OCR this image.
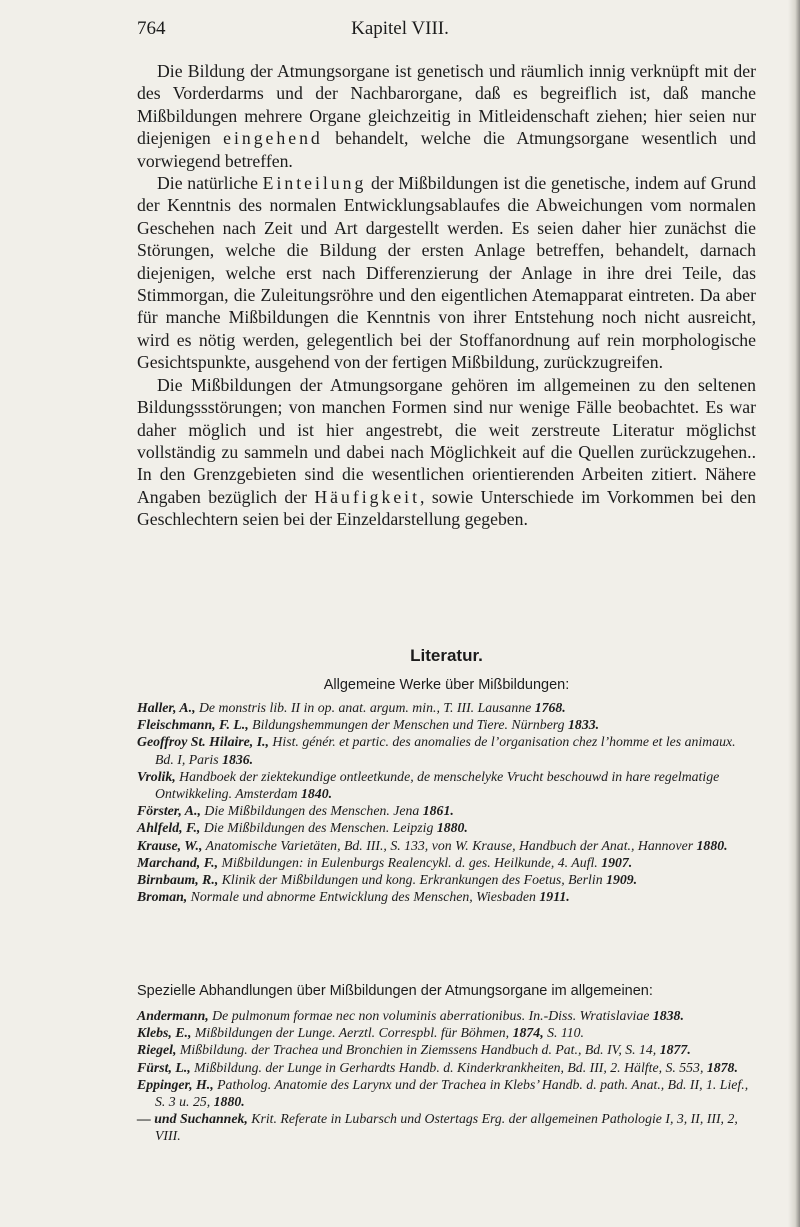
Kapitel VIII.
764

Die Bildung der Atmungsorgane ist genetisch und räumlich innig verknüpft mit der des Vorderdarms und der Nachbarorgane, daß es begreiflich ist, daß manche Mißbildungen mehrere Organe gleichzeitig in Mitleidenschaft ziehen; hier seien nur diejenigen eingehend behandelt, welche die Atmungsorgane wesentlich und vorwiegend betreffen.

Die natürliche Einteilung der Mißbildungen ist die genetische, indem auf Grund der Kenntnis des normalen Entwicklungsablaufes die Abweichungen vom normalen Geschehen nach Zeit und Art dargestellt werden. Es seien daher hier zunächst die Störungen, welche die Bildung der ersten Anlage betreffen, behandelt, darnach diejenigen, welche erst nach Differenzierung der Anlage in ihre drei Teile, das Stimmorgan, die Zuleitungsröhre und den eigentlichen Atemapparat eintreten. Da aber für manche Mißbildungen die Kenntnis von ihrer Entstehung noch nicht ausreicht, wird es nötig werden, gelegentlich bei der Stoffanordnung auf rein morphologische Gesichtspunkte, ausgehend von der fertigen Mißbildung, zurückzugreifen.

Die Mißbildungen der Atmungsorgane gehören im allgemeinen zu den seltenen Bildungssstörungen; von manchen Formen sind nur wenige Fälle beobachtet. Es war daher möglich und ist hier angestrebt, die weit zerstreute Literatur möglichst vollständig zu sammeln und dabei nach Möglichkeit auf die Quellen zurückzugehen.. In den Grenzgebieten sind die wesentlichen orientierenden Arbeiten zitiert. Nähere Angaben bezüglich der Häufigkeit, sowie Unterschiede im Vorkommen bei den Geschlechtern seien bei der Einzeldarstellung gegeben.

Literatur.
Allgemeine Werke über Mißbildungen:
Haller, A., De monstris lib. II in op. anat. argum. min., T. III. Lausanne 1768.
Fleischmann, F. L., Bildungshemmungen der Menschen und Tiere. Nürnberg 1833.
Geoffroy St. Hilaire, I., Hist. génér. et partic. des anomalies de l’organisation chez l’homme et les animaux. Bd. I, Paris 1836.
Vrolik, Handboek der ziektekundige ontleetkunde, de menschelyke Vrucht beschouwd in hare regelmatige Ontwikkeling. Amsterdam 1840.
Förster, A., Die Mißbildungen des Menschen. Jena 1861.
Ahlfeld, F., Die Mißbildungen des Menschen. Leipzig 1880.
Krause, W., Anatomische Varietäten, Bd. III., S. 133, von W. Krause, Handbuch der Anat., Hannover 1880.
Marchand, F., Mißbildungen: in Eulenburgs Realencykl. d. ges. Heilkunde, 4. Aufl. 1907.
Birnbaum, R., Klinik der Mißbildungen und kong. Erkrankungen des Foetus, Berlin 1909.
Broman, Normale und abnorme Entwicklung des Menschen, Wiesbaden 1911.
Spezielle Abhandlungen über Mißbildungen der Atmungsorgane im allgemeinen:
Andermann, De pulmonum formae nec non voluminis aberrationibus. In.-Diss. Wratislaviae 1838.
Klebs, E., Mißbildungen der Lunge. Aerztl. Correspbl. für Böhmen, 1874, S. 110.
Riegel, Mißbildung. der Trachea und Bronchien in Ziemssens Handbuch d. Pat., Bd. IV, S. 14, 1877.
Fürst, L., Mißbildung. der Lunge in Gerhardts Handb. d. Kinderkrankheiten, Bd. III, 2. Hälfte, S. 553, 1878.
Eppinger, H., Patholog. Anatomie des Larynx und der Trachea in Klebs’ Handb. d. path. Anat., Bd. II, 1. Lief., S. 3 u. 25, 1880.
— und Suchannek, Krit. Referate in Lubarsch und Ostertags Erg. der allgemeinen Pathologie I, 3, II, III, 2, VIII.
